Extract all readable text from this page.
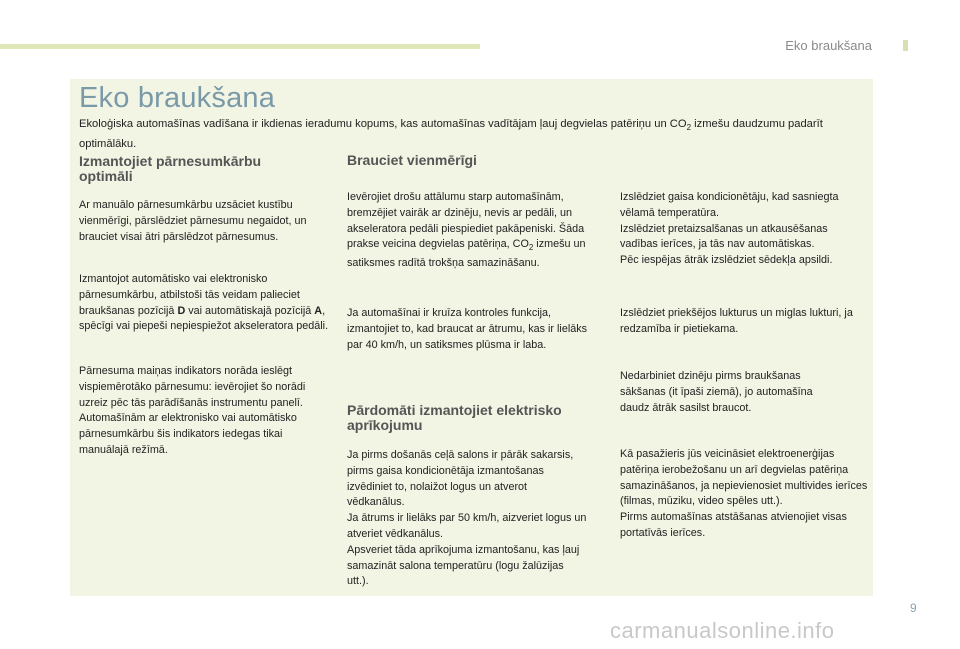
Eko braukšana
Eko braukšana
Ekoloģiska automašīnas vadīšana ir ikdienas ieradumu kopums, kas automašīnas vadītājam ļauj degvielas patēriņu un $CO_2$ izmešu daudzumu padarīt optimālāku.
Izmantojiet pārnesumkārbu
optimāli

Ar manuālo pārnesumkārbu uzsāciet kustību vienmērīgi, pārslēdziet pārnesumu negaidot, un brauciet visai ātri pārslēdzot pārnesumus.

Izmantojot automātisko vai elektronisko pārnesumkārbu, atbilstoši tās veidam palieciet braukšanas pozīcijā D vai automātiskajā pozīcijā A, spēcīgi vai piepeši nepiespiežot akseleratora pedāli.

Pārnesuma maiņas indikators norāda ieslēgt vispiemērotāko pārnesumu: ievērojiet šo norādi uzreiz pēc tās parādīšanās instrumentu panelī.

Automašīnām ar elektronisko vai automātisko pārnesumkārbu šis indikators iedegas tikai manuālajā režīmā.

Brauciet vienmērīgi

Ievērojiet drošu attālumu starp automašīnām, bremzējiet vairāk ar dzinēju, nevis ar pedāli, un akseleratora pedāli piespiediet pakāpeniski. Šāda prakse veicina degvielas patēriņa, $CO_2$ izmešu un satiksmes radītā trokšņa samazināšanu.

Ja automašīnai ir kruīza kontroles funkcija, izmantojiet to, kad braucat ar ātrumu, kas ir lielāks par 40 km/h, un satiksmes plūsma ir laba.

Pārdomāti izmantojiet elektrisko
aprīkojumu

Ja pirms došanās ceļā salons ir pārāk sakarsis, pirms gaisa kondicionētāja izmantošanas izvēdiniet to, nolaižot logus un atverot vēdkanālus.

Ja ātrums ir lielāks par 50 km/h, aizveriet logus un atveriet vēdkanālus.

Apsveriet tāda aprīkojuma izmantošanu, kas ļauj samazināt salona temperatūru (logu žalūzijas utt.).

Izslēdziet gaisa kondicionētāju, kad sasniegta vēlamā temperatūra.

Izslēdziet pretaizsalšanas un atkausēšanas vadības ierīces, ja tās nav automātiskas.

Pēc iespējas ātrāk izslēdziet sēdekļa apsildi.

Izslēdziet priekšējos lukturus un miglas lukturi, ja redzamība ir pietiekama.

Nedarbiniet dzinēju pirms braukšanas sākšanas (it īpaši ziemā), jo automašīna daudz ātrāk sasilst braucot.

Kā pasažieris jūs veicināsiet elektroenerģijas patēriņa ierobežošanu un arī degvielas patēriņa samazināšanos, ja nepievienosiet multivides ierīces (filmas, mūziku, video spēles utt.).

Pirms automašīnas atstāšanas atvienojiet visas portatīvās ierīces.

9
carmanualsonline.info
